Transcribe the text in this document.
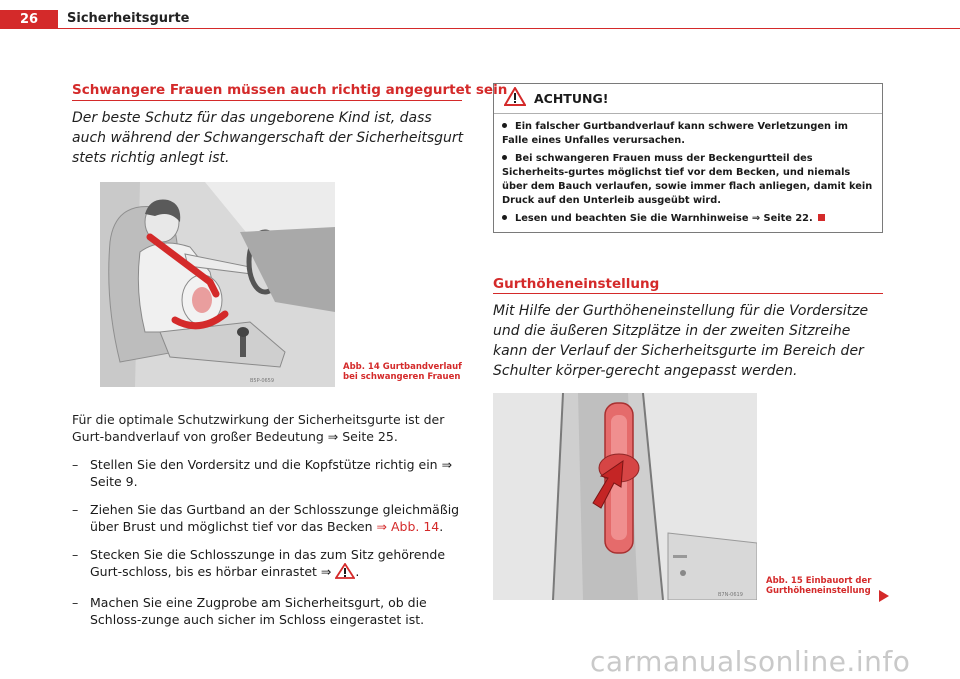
26	Sicherheitsgurte
Schwangere Frauen müssen auch richtig angegurtet sein
Der beste Schutz für das ungeborene Kind ist, dass auch während der Schwangerschaft der Sicherheitsgurt stets richtig anlegt ist.
B5P-0659
Abb. 14 Gurtbandverlauf bei schwangeren Frauen
Für die optimale Schutzwirkung der Sicherheitsgurte ist der Gurt-bandverlauf von großer Bedeutung ⇒ Seite 25.
– Stellen Sie den Vordersitz und die Kopfstütze richtig ein ⇒ Seite 9.
– Ziehen Sie das Gurtband an der Schlosszunge gleichmäßig über Brust und möglichst tief vor das Becken ⇒ Abb. 14.
– Stecken Sie die Schlosszunge in das zum Sitz gehörende Gurt-schloss, bis es hörbar einrastet ⇒ .
– Machen Sie eine Zugprobe am Sicherheitsgurt, ob die Schloss-zunge auch sicher im Schloss eingerastet ist.
ACHTUNG!
Ein falscher Gurtbandverlauf kann schwere Verletzungen im Falle eines Unfalles verursachen.
Bei schwangeren Frauen muss der Beckengurtteil des Sicherheits-gurtes möglichst tief vor dem Becken, und niemals über dem Bauch verlaufen, sowie immer flach anliegen, damit kein Druck auf den Unterleib ausgeübt wird.
Lesen und beachten Sie die Warnhinweise ⇒ Seite 22.
Gurthöheneinstellung
Mit Hilfe der Gurthöheneinstellung für die Vordersitze und die äußeren Sitzplätze in der zweiten Sitzreihe kann der Verlauf der Sicherheitsgurte im Bereich der Schulter körper-gerecht angepasst werden.
B7N-0619
Abb. 15 Einbauort der Gurthöheneinstellung
carmanualsonline.info
